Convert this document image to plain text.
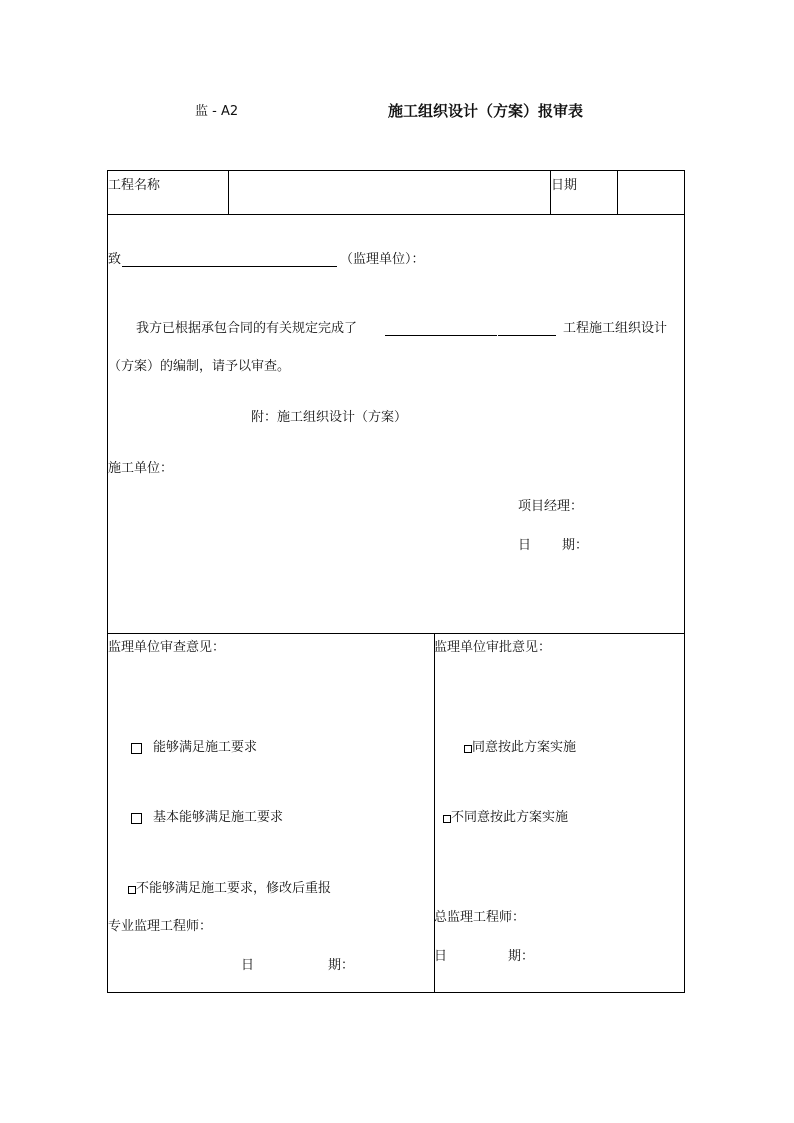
监 - A2	施工组织设计（方案）报审表
工程名称	日期
致	（监理单位）：
我方已根据承包合同的有关规定完成了	工程施工组织设计
（方案）的编制，请予以审查。
附：施工组织设计（方案）
施工单位：
项目经理：
日 期：
监理单位审查意见：
能够满足施工要求
基本能够满足施工要求
不能够满足施工要求，修改后重报
专业监理工程师：
日	期：
监理单位审批意见：
同意按此方案实施
不同意按此方案实施
总监理工程师：
日	期：
